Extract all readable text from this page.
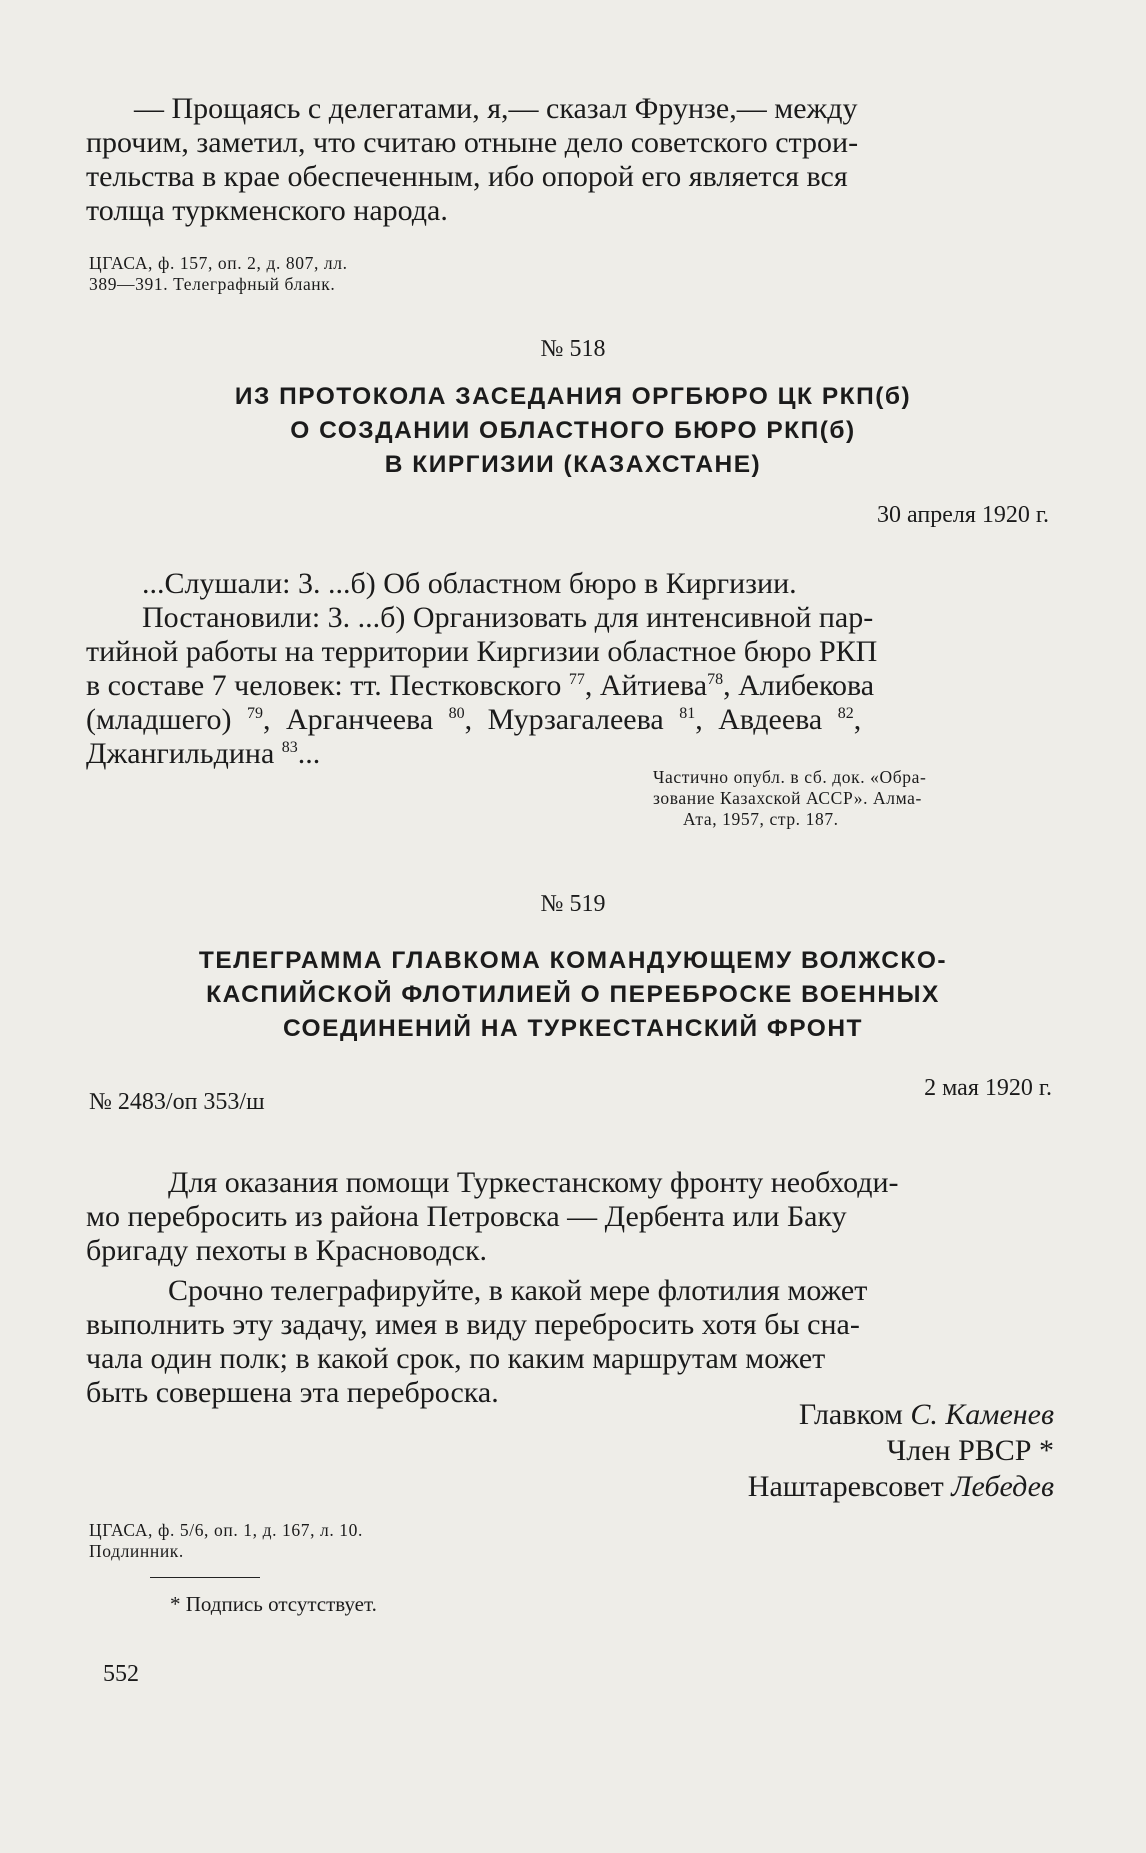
— Прощаясь с делегатами, я,— сказал Фрунзе,— между
прочим, заметил, что считаю отныне дело советского строи-
тельства в крае обеспеченным, ибо опорой его является вся
толща туркменского народа.
ЦГАСА, ф. 157, оп. 2, д. 807, лл.
389—391. Телеграфный бланк.
№ 518
ИЗ ПРОТОКОЛА ЗАСЕДАНИЯ ОРГБЮРО ЦК РКП(б)
О СОЗДАНИИ ОБЛАСТНОГО БЮРО РКП(б)
В КИРГИЗИИ (КАЗАХСТАНЕ)
30 апреля 1920 г.
...Слушали: 3. ...б) Об областном бюро в Киргизии.
Постановили: 3. ...б) Организовать для интенсивной пар-
тийной работы на территории Киргизии областное бюро РКП
в составе 7 человек: тт. Пестковского $^{77}$, Айтиева$^{78}$, Алибекова
(младшего) $^{79}$, Арганчеева $^{80}$, Мурзагалеева $^{81}$, Авдеева $^{82}$,
Джангильдина $^{83}$...
Частично опубл. в сб. док. «Обра-
зование Казахской АССР». Алма-
Ата, 1957, стр. 187.
№ 519
ТЕЛЕГРАММА ГЛАВКОМА КОМАНДУЮЩЕМУ ВОЛЖСКО-
КАСПИЙСКОЙ ФЛОТИЛИЕЙ О ПЕРЕБРОСКЕ ВОЕННЫХ
СОЕДИНЕНИЙ НА ТУРКЕСТАНСКИЙ ФРОНТ
№ 2483/оп 353/ш
2 мая 1920 г.
Для оказания помощи Туркестанскому фронту необходи-
мо перебросить из района Петровска — Дербента или Баку
бригаду пехоты в Красноводск.
Срочно телеграфируйте, в какой мере флотилия может
выполнить эту задачу, имея в виду перебросить хотя бы сна-
чала один полк; в какой срок, по каким маршрутам может
быть совершена эта переброска.
Главком С. Каменев
Член РВСР *
Наштаревсовет Лебедев
ЦГАСА, ф. 5/6, оп. 1, д. 167, л. 10.
Подлинник.
* Подпись отсутствует.
552
